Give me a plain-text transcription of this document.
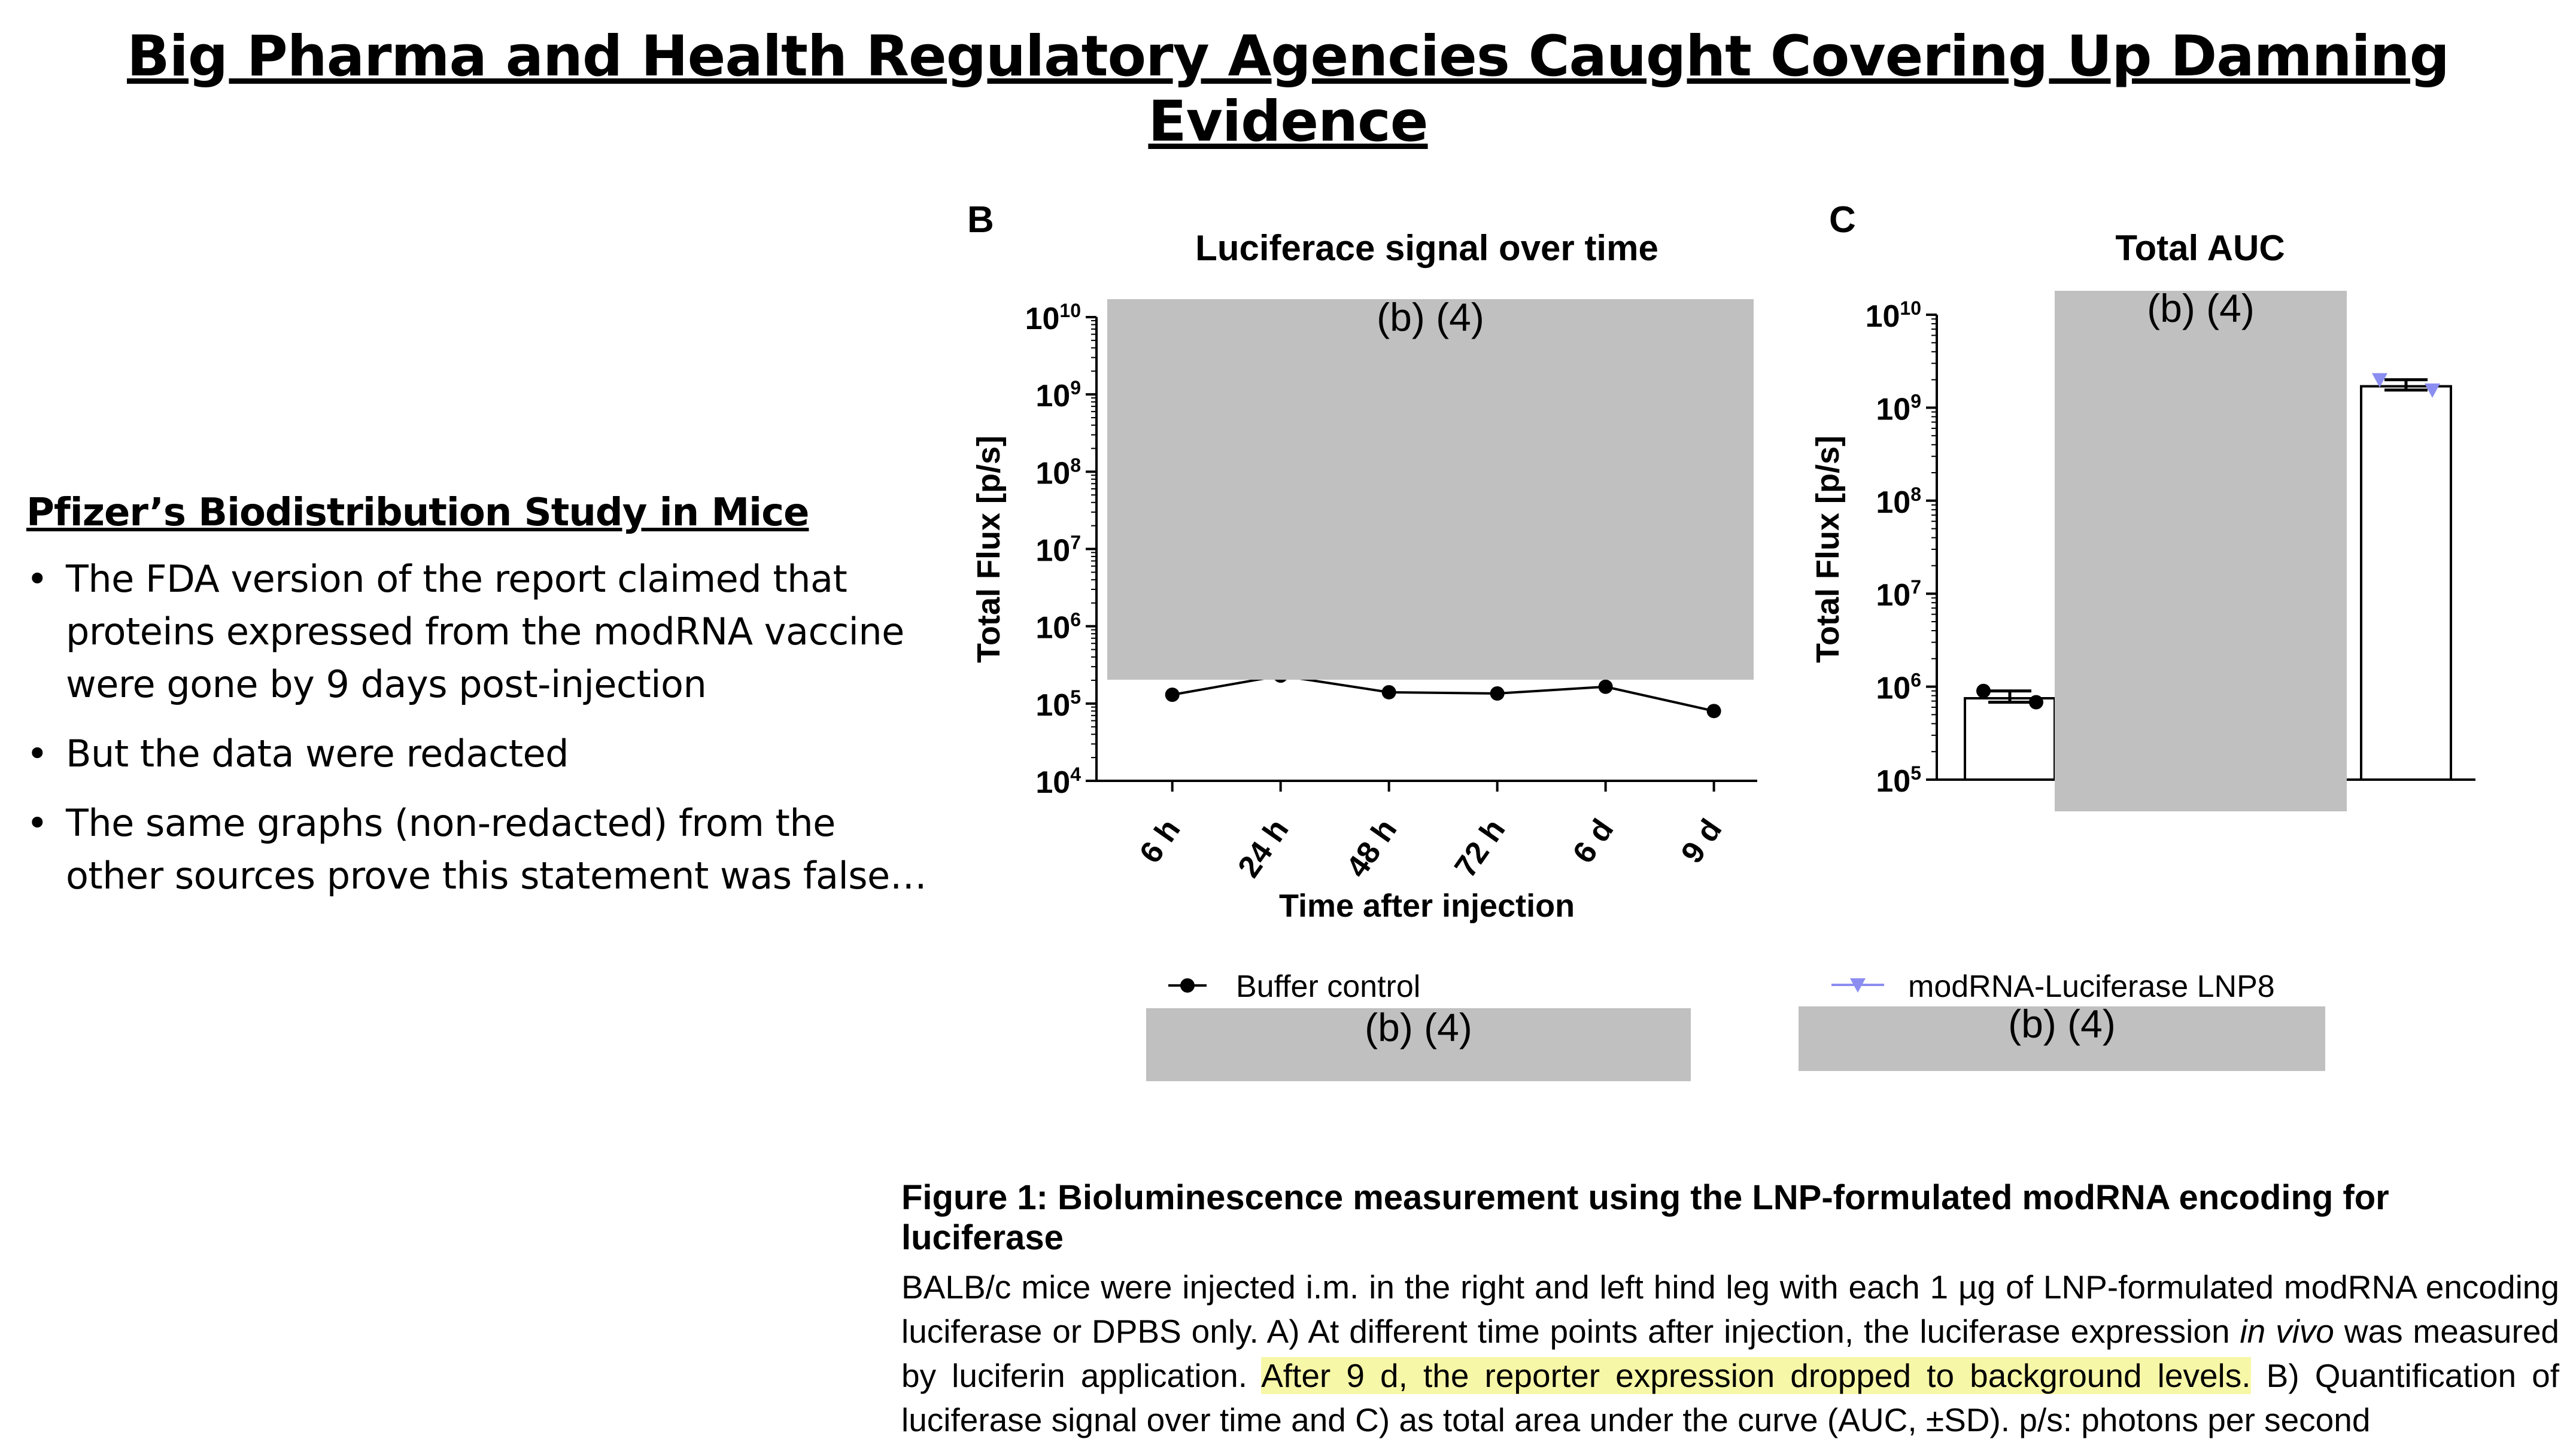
Big Pharma and Health Regulatory Agencies Caught Covering Up Damning Evidence
Pfizer’s Biodistribution Study in Mice
• The FDA version of the report claimed that proteins expressed from the modRNA vaccine were gone by 9 days post-injection
• But the data were redacted
• The same graphs (non-redacted) from the other sources prove this statement was false…
B
Luciferace signal over time
Total Flux [p/s]
$10^4$
$10^5$
$10^6$
$10^7$
$10^8$
$10^9$
$10^{10}$
6 h 24 h 48 h 72 h 6 d 9 d
Time after injection
(b) (4)
Buffer control
(b) (4)
C
Total AUC
Total Flux [p/s]
$10^5$
$10^6$
$10^7$
$10^8$
$10^9$
$10^{10}$	(b) (4)
modRNA-Luciferase LNP8
(b) (4)

Figure 1: Bioluminescence measurement using the LNP-formulated modRNA encoding for luciferase

BALB/c mice were injected i.m. in the right and left hind leg with each 1 µg of LNP-formulated modRNA encoding luciferase or DPBS only. A) At different time points after injection, the luciferase expression in vivo was measured by luciferin application. After 9 d, the reporter expression dropped to background levels. B) Quantification of luciferase signal over time and C) as total area under the curve (AUC, ±SD). p/s: photons per second
